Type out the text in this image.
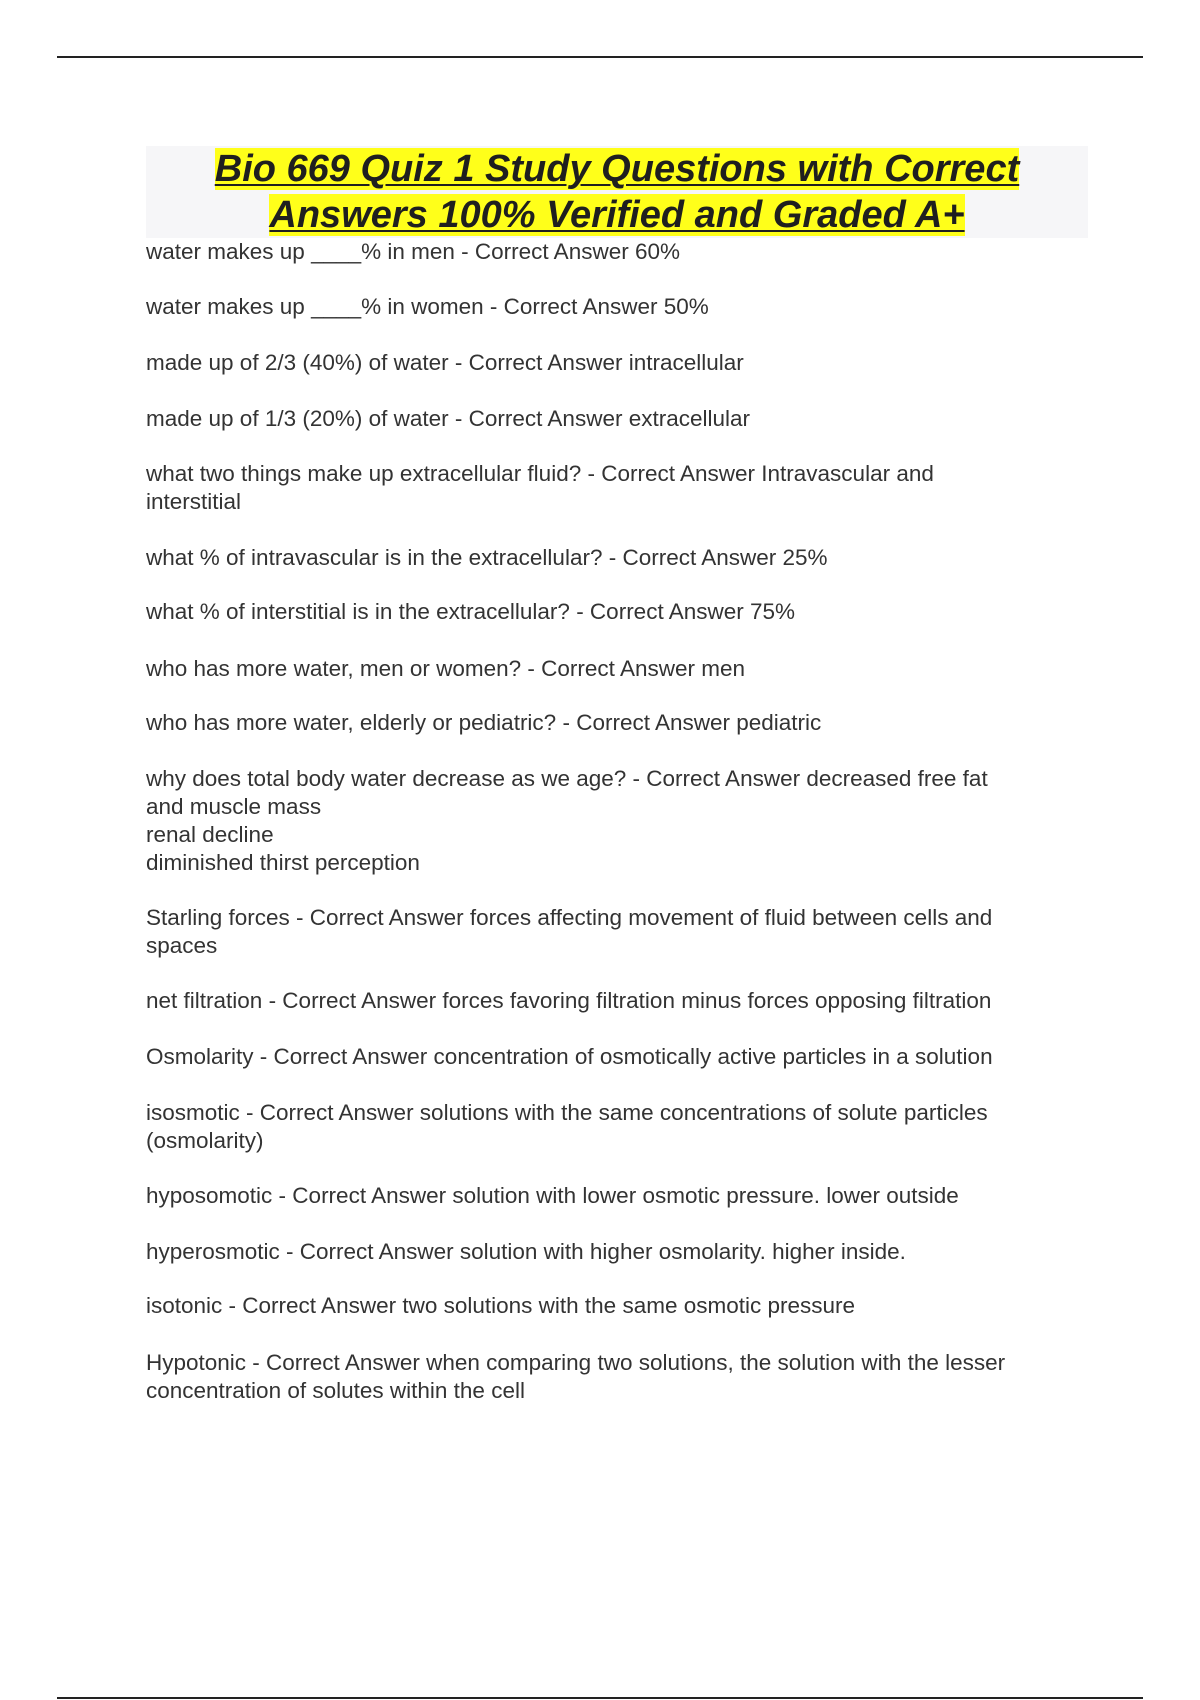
Bio 669 Quiz 1 Study Questions with Correct
Answers 100% Verified and Graded A+
water makes up ____% in men - Correct Answer 60%
water makes up ____% in women - Correct Answer 50%
made up of 2/3 (40%) of water - Correct Answer intracellular
made up of 1/3 (20%) of water - Correct Answer extracellular
what two things make up extracellular fluid? - Correct Answer Intravascular and
interstitial
what % of intravascular is in the extracellular? - Correct Answer 25%
what % of interstitial is in the extracellular? - Correct Answer 75%
who has more water, men or women? - Correct Answer men
who has more water, elderly or pediatric? - Correct Answer pediatric
why does total body water decrease as we age? - Correct Answer decreased free fat
and muscle mass
renal decline
diminished thirst perception
Starling forces - Correct Answer forces affecting movement of fluid between cells and
spaces
net filtration - Correct Answer forces favoring filtration minus forces opposing filtration
Osmolarity - Correct Answer concentration of osmotically active particles in a solution
isosmotic - Correct Answer solutions with the same concentrations of solute particles
(osmolarity)
hyposomotic - Correct Answer solution with lower osmotic pressure. lower outside
hyperosmotic - Correct Answer solution with higher osmolarity. higher inside.
isotonic - Correct Answer two solutions with the same osmotic pressure
Hypotonic - Correct Answer when comparing two solutions, the solution with the lesser
concentration of solutes within the cell
